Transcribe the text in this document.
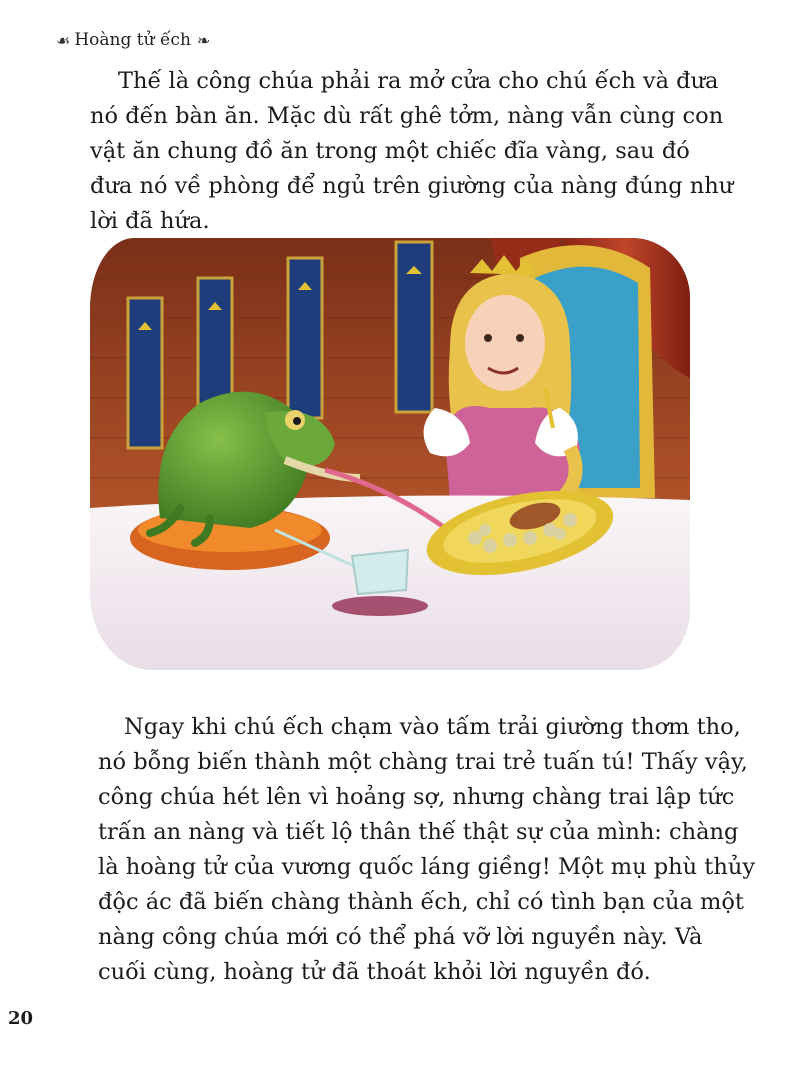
☙ Hoàng tử ếch ❧
Thế là công chúa phải ra mở cửa cho chú ếch và đưa
nó đến bàn ăn. Mặc dù rất ghê tởm, nàng vẫn cùng con
vật ăn chung đồ ăn trong một chiếc đĩa vàng, sau đó
đưa nó về phòng để ngủ trên giường của nàng đúng như
lời đã hứa.
Ngay khi chú ếch chạm vào tấm trải giường thơm tho,
nó bỗng biến thành một chàng trai trẻ tuấn tú! Thấy vậy,
công chúa hét lên vì hoảng sợ, nhưng chàng trai lập tức
trấn an nàng và tiết lộ thân thế thật sự của mình: chàng
là hoàng tử của vương quốc láng giềng! Một mụ phù thủy
độc ác đã biến chàng thành ếch, chỉ có tình bạn của một
nàng công chúa mới có thể phá vỡ lời nguyền này. Và
cuối cùng, hoàng tử đã thoát khỏi lời nguyền đó.
20
